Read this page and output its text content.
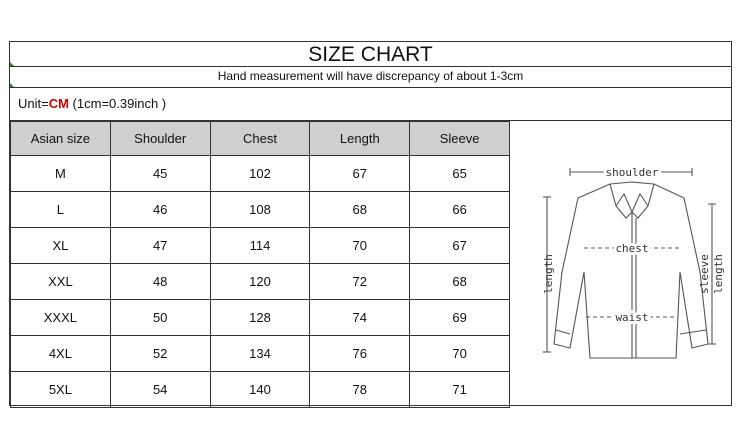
SIZE CHART
Hand measurement will have discrepancy of about 1-3cm
Unit=CM (1cm=0.39inch )
Asian size	Shoulder	Chest	Length	Sleeve
M	45	102	67	65
L	46	108	68	66
XL	47	114	70	67
XXL	48	120	72	68
XXXL	50	128	74	69
4XL	52	134	76	70
5XL	54	140	78	71
shoulder
chest
waist
length	sleeve length
